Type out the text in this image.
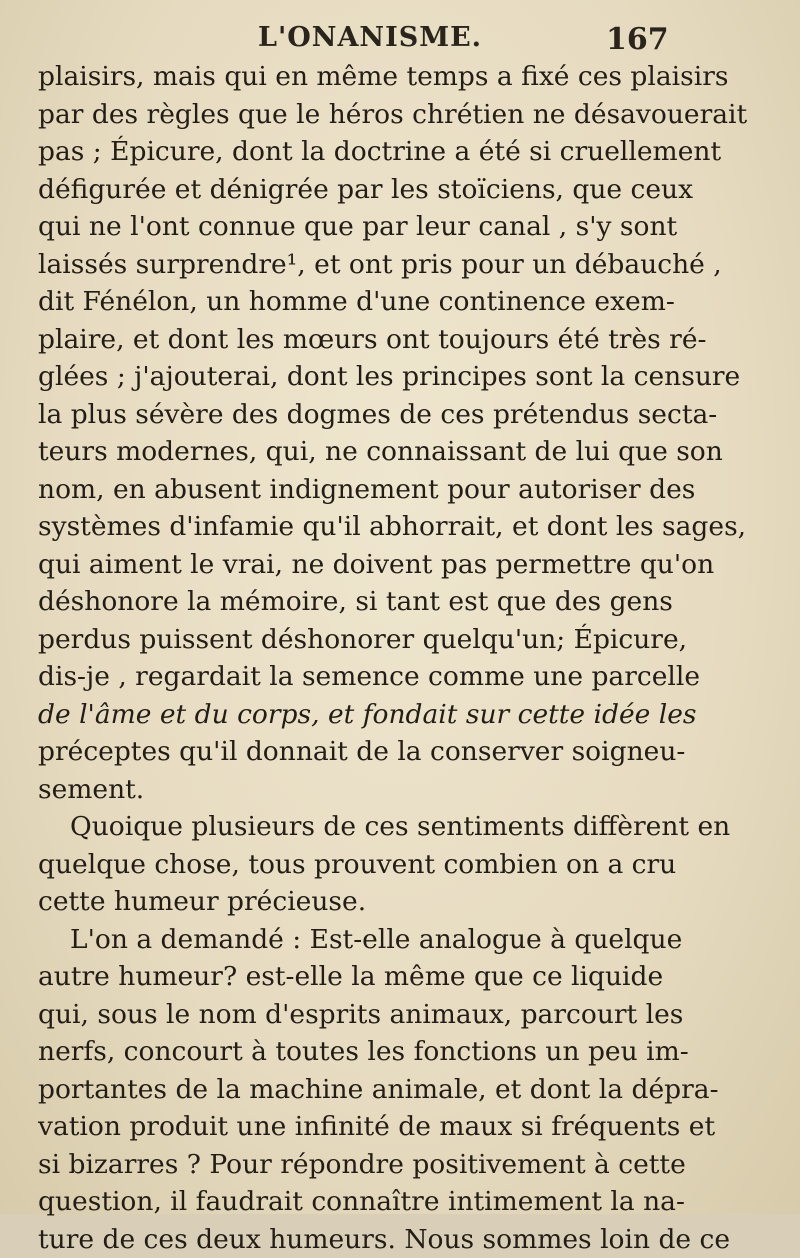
L'ONANISME.	167
plaisirs, mais qui en même temps a fixé ces plaisirs
par des règles que le héros chrétien ne désavouerait
pas ; Épicure, dont la doctrine a été si cruellement
défigurée et dénigrée par les stoïciens, que ceux
qui ne l'ont connue que par leur canal , s'y sont
laissés surprendre¹, et ont pris pour un débauché ,
dit Fénélon, un homme d'une continence exem-
plaire, et dont les mœurs ont toujours été très ré-
glées ; j'ajouterai, dont les principes sont la censure
la plus sévère des dogmes de ces prétendus secta-
teurs modernes, qui, ne connaissant de lui que son
nom, en abusent indignement pour autoriser des
systèmes d'infamie qu'il abhorrait, et dont les sages,
qui aiment le vrai, ne doivent pas permettre qu'on
déshonore la mémoire, si tant est que des gens
perdus puissent déshonorer quelqu'un; Épicure,
dis-je , regardait la semence comme une parcelle
de l'âme et du corps, et fondait sur cette idée les
préceptes qu'il donnait de la conserver soigneu-
sement.
Quoique plusieurs de ces sentiments diffèrent en
quelque chose, tous prouvent combien on a cru
cette humeur précieuse.
L'on a demandé : Est-elle analogue à quelque
autre humeur? est-elle la même que ce liquide
qui, sous le nom d'esprits animaux, parcourt les
nerfs, concourt à toutes les fonctions un peu im-
portantes de la machine animale, et dont la dépra-
vation produit une infinité de maux si fréquents et
si bizarres ? Pour répondre positivement à cette
question, il faudrait connaître intimement la na-
ture de ces deux humeurs. Nous sommes loin de ce
